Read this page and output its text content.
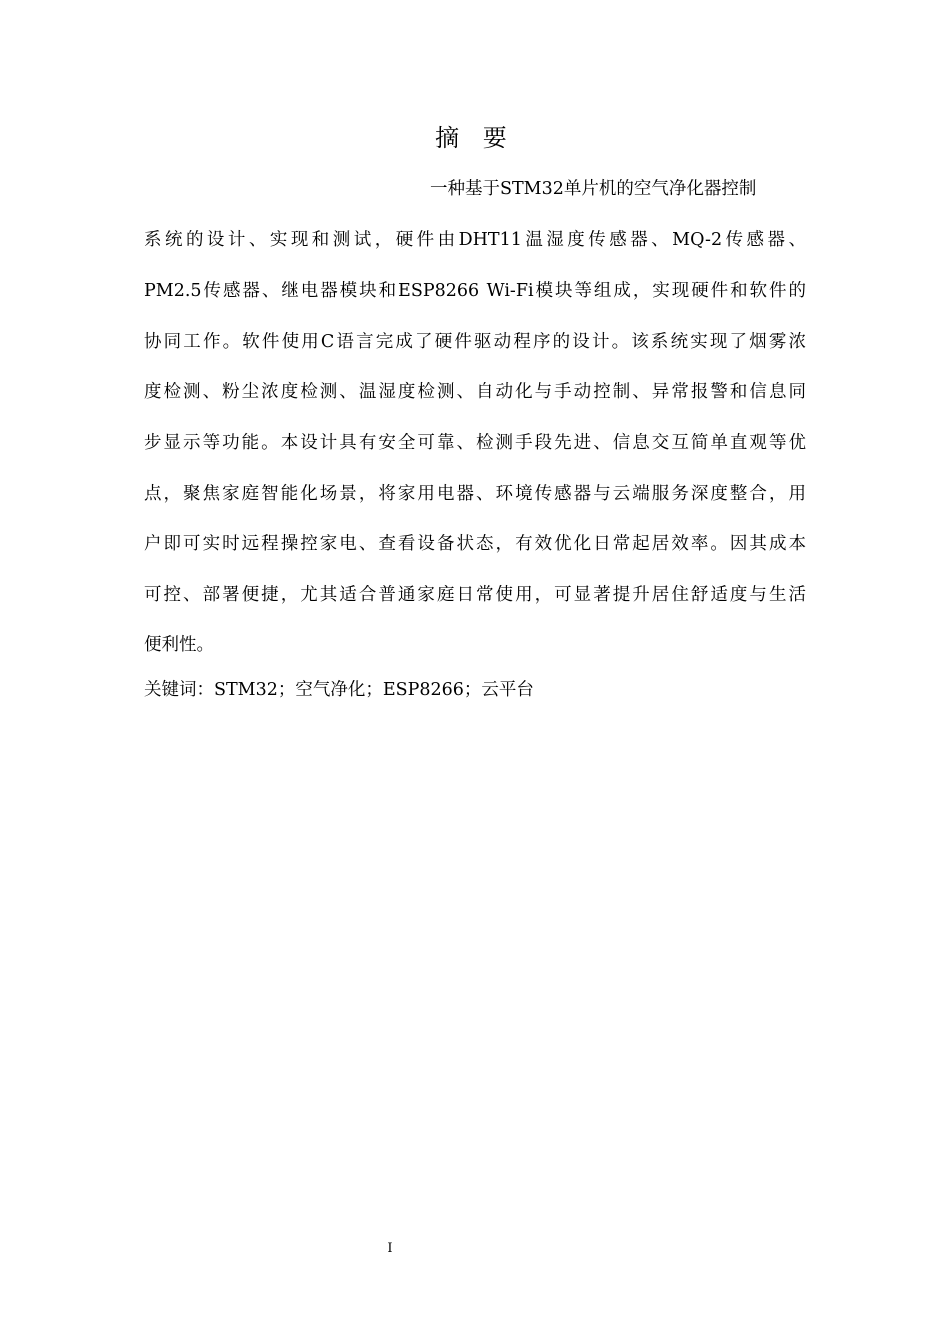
摘 要

一种基于STM32单片机的空气净化器控制

系统的设计、实现和测试，硬件由DHT11温湿度传感器、MQ-2传感器、

PM2.5传感器、继电器模块和ESP8266 Wi-Fi模块等组成，实现硬件和软件的

协同工作。软件使用C语言完成了硬件驱动程序的设计。该系统实现了烟雾浓

度检测、粉尘浓度检测、温湿度检测、自动化与手动控制、异常报警和信息同

步显示等功能。本设计具有安全可靠、检测手段先进、信息交互简单直观等优

点，聚焦家庭智能化场景，将家用电器、环境传感器与云端服务深度整合，用

户即可实时远程操控家电、查看设备状态，有效优化日常起居效率。因其成本

可控、部署便捷，尤其适合普通家庭日常使用，可显著提升居住舒适度与生活

便利性。

关键词：STM32；空气净化；ESP8266；云平台

I
